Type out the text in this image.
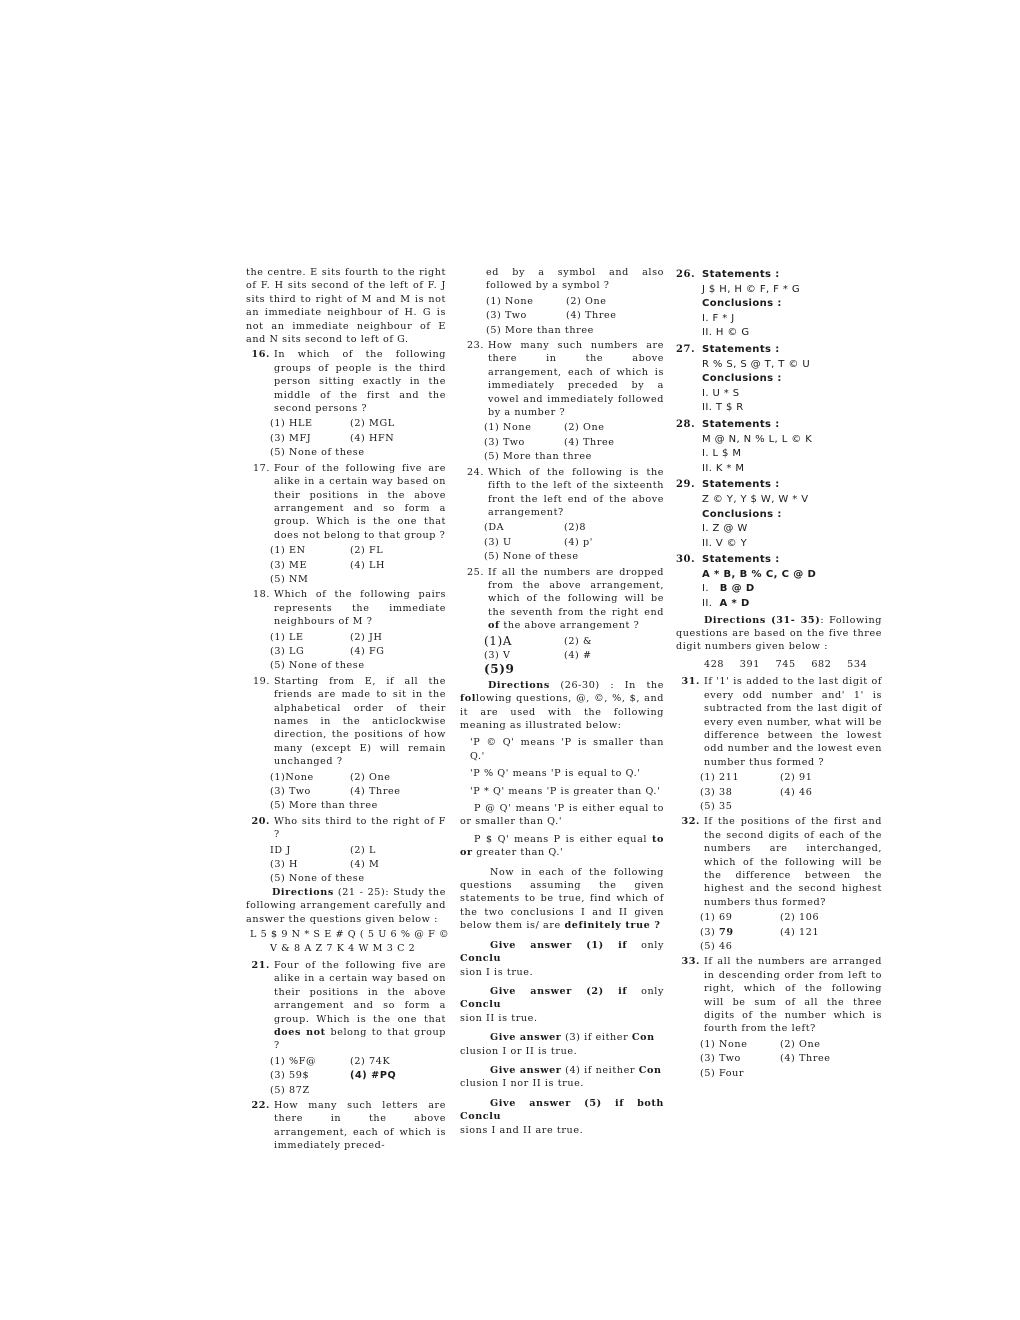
the centre. E sits fourth to the right of F. H sits second of the left of F. J sits third to right of M and M is not an immediate neighbour of H. G is not an immediate neighbour of E and N sits second to left of G.

16. In which of the following groups of people is the third person sitting exactly in the middle of the first and the second persons ?
(1) HLE	(2) MGL
(3) MFJ	(4) HFN
(5) None of these
17. Four of the following five are alike in a certain way based on their positions in the above arrangement and so form a group. Which is the one that does not belong to that group ?
(1) EN	(2) FL
(3) ME	(4) LH
(5) NM
18. Which of the following pairs represents the immediate neighbours of M ?
(1) LE	(2) JH
(3) LG	(4) FG
(5) None of these
19. Starting from E, if all the friends are made to sit in the alphabetical order of their names in the anticlockwise direction, the positions of how many (except E) will remain unchanged ?
(1)None	(2) One
(3) Two	(4) Three
(5) More than three
20. Who sits third to the right of F ?
ID J	(2) L
(3) H	(4) M
(5) None of these

Directions (21 - 25): Study the following arrangement carefully and answer the questions given below :

L 5 $ 9 N * S E # Q ( 5 U 6 % @ F ©
V & 8 A Z 7 K 4 W M 3 C 2
21. Four of the following five are alike in a certain way based on their positions in the above arrangement and so form a group. Which is the one that does not belong to that group ?
(1) %F@	(2) 74K
(3) 59$	(4) #PQ
(5) 87Z
22. How many such letters are there in the above arrangement, each of which is immediately preced-

ed by a symbol and also followed by a symbol ?

(1) None	(2) One
(3) Two	(4) Three
(5) More than three
23. How many such numbers are there in the above arrangement, each of which is immediately preceded by a vowel and immediately followed by a number ?
(1) None	(2) One
(3) Two	(4) Three
(5) More than three
24. Which of the following is the fifth to the left of the sixteenth front the left end of the above arrangement?
(DA	(2)8
(3) U	(4) p'
(5) None of these
25. If all the numbers are dropped from the above arrangement, which of the following will be the seventh from the right end of the above arrangement ?
(1)A	(2) &
(3) V	(4) #
(5)9

Directions (26-30) : In the following questions, @, ©, %, $, and it are used with the following meaning as illustrated below:

'P © Q' means 'P is smaller than Q.'

'P % Q' means 'P is equal to Q.'

'P * Q' means 'P is greater than Q.'

P @ Q' means 'P is either equal to or smaller than Q.'

P $ Q' means P is either equal to or greater than Q.'

Now in each of the following questions assuming the given statements to be true, find which of the two conclusions I and II given below them is/ are definitely true ?

Give answer (1) if only Conclu
sion I is true.

Give answer (2) if only Conclu
sion II is true.

Give answer (3) if either Con
clusion I or II is true.

Give answer (4) if neither Con
clusion I nor II is true.

Give answer (5) if both Conclu
sions I and II are true.

26. Statements :
J $ H, H © F, F * G
Conclusions :
I. F * J
II. H © G
27. Statements :
R % S, S @ T, T © U
Conclusions :
I. U * S
II. T $ R
28. Statements :
M @ N, N % L, L © K
I. L $ M
II. K * M
29. Statements :
Z © Y, Y $ W, W * V
Conclusions :
I. Z @ W
II. V © Y
30. Statements :
A * B, B % C, C @ D
I. B @ D
II. A * D

Directions (31- 35): Following questions are based on the five three digit numbers given below :

428 391 745 682 534
31. If '1' is added to the last digit of every odd number and' 1' is subtracted from the last digit of every even number, what will be difference between the lowest odd number and the lowest even number thus formed ?
(1) 211	(2) 91
(3) 38	(4) 46
(5) 35
32. If the positions of the first and the second digits of each of the numbers are interchanged, which of the following will be the difference between the highest and the second highest numbers thus formed?
(1) 69	(2) 106
(3) 79	(4) 121
(5) 46
33. If all the numbers are arranged in descending order from left to right, which of the following will be sum of all the three digits of the number which is fourth from the left?
(1) None	(2) One
(3) Two	(4) Three
(5) Four
